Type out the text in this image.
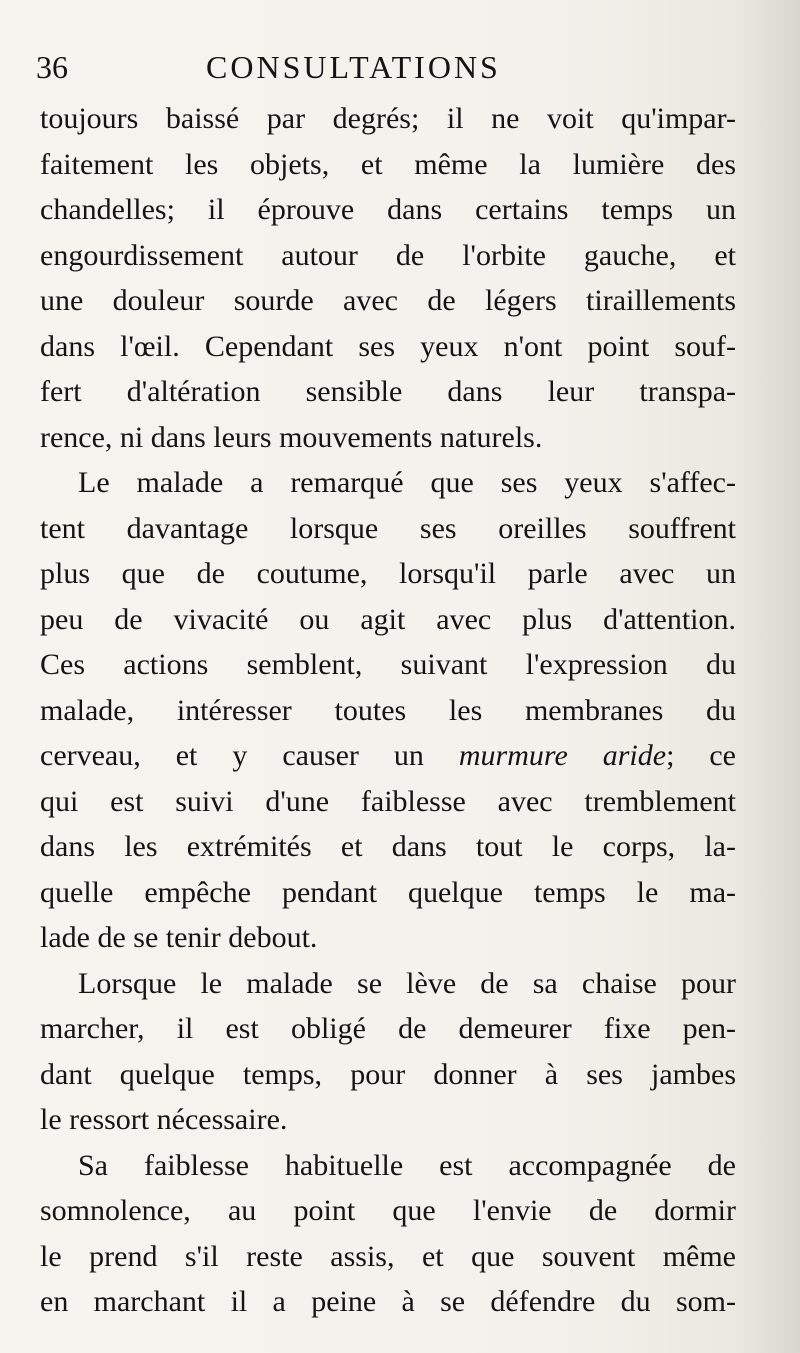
36	CONSULTATIONS
toujours baissé par degrés; il ne voit qu'impar-
faitement les objets, et même la lumière des
chandelles; il éprouve dans certains temps un
engourdissement autour de l'orbite gauche, et
une douleur sourde avec de légers tiraillements
dans l'œil. Cependant ses yeux n'ont point souf-
fert d'altération sensible dans leur transpa-
rence, ni dans leurs mouvements naturels.
Le malade a remarqué que ses yeux s'affec-
tent davantage lorsque ses oreilles souffrent
plus que de coutume, lorsqu'il parle avec un
peu de vivacité ou agit avec plus d'attention.
Ces actions semblent, suivant l'expression du
malade, intéresser toutes les membranes du
cerveau, et y causer un murmure aride; ce
qui est suivi d'une faiblesse avec tremblement
dans les extrémités et dans tout le corps, la-
quelle empêche pendant quelque temps le ma-
lade de se tenir debout.
Lorsque le malade se lève de sa chaise pour
marcher, il est obligé de demeurer fixe pen-
dant quelque temps, pour donner à ses jambes
le ressort nécessaire.
Sa faiblesse habituelle est accompagnée de
somnolence, au point que l'envie de dormir
le prend s'il reste assis, et que souvent même
en marchant il a peine à se défendre du som-
